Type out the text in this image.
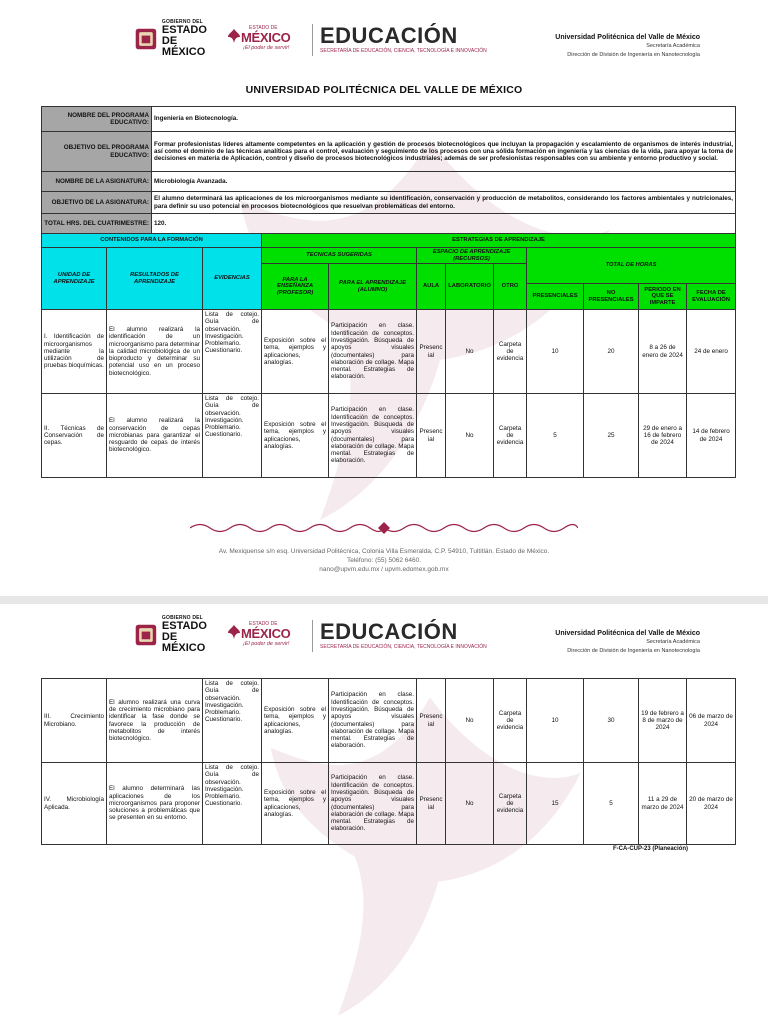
GOBIERNO DEL
ESTADO DE
MÉXICO
ESTADO DE
MÉXICO
¡El poder de servir! EDUCACIÓN
SECRETARÍA DE EDUCACIÓN, CIENCIA, TECNOLOGÍA E INNOVACIÓN
Universidad Politécnica del Valle de México
Secretaría Académica
Dirección de División de Ingeniería en Nanotecnología
UNIVERSIDAD POLITÉCNICA DEL VALLE DE MÉXICO
NOMBRE DEL PROGRAMA EDUCATIVO:	Ingeniería en Biotecnología.
OBJETIVO DEL PROGRAMA EDUCATIVO:	Formar profesionistas líderes altamente competentes en la aplicación y gestión de procesos biotecnológicos que incluyan la propagación y escalamiento de organismos de interés industrial, así como el dominio de las técnicas analíticas para el control, evaluación y seguimiento de los procesos con una sólida formación en ingeniería y las ciencias de la vida, para apoyar la toma de decisiones en materia de Aplicación, control y diseño de procesos biotecnológicos industriales; además de ser profesionistas responsables con su ambiente y entorno productivo y social.
NOMBRE DE LA ASIGNATURA:	Microbiología Avanzada.
OBJETIVO DE LA ASIGNATURA:	El alumno determinará las aplicaciones de los microorganismos mediante su identificación, conservación y producción de metabolitos, considerando los factores ambientales y nutricionales, para definir su uso potencial en procesos biotecnológicos que resuelvan problemáticas del entorno.
TOTAL HRS. DEL CUATRIMESTRE:	120.
CONTENIDOS PARA LA FORMACIÓN			ESTRATEGIAS DE APRENDIZAJE								
UNIDAD DE APRENDIZAJE	RESULTADOS DE APRENDIZAJE	EVIDENCIAS	TECNICAS SUGERIDAS		ESPACIO DE APRENDIZAJE (RECURSOS)			TOTAL DE HORAS			
			PARA LA ENSEÑANZA (PROFESOR)	PARA EL APRENDIZAJE (ALUMNO)	AULA	LABORATORIO	OTRO				
								PRESENCIALES	NO PRESENCIALES	PERIODO EN QUE SE IMPARTE	FECHA DE EVALUACIÓN
I. Identificación de microorganismos mediante la utilización de pruebas bioquímicas.	El alumno realizará la identificación de un microorganismo para determinar la calidad microbiológica de un bioproducto y determinar su potencial uso en un proceso biotecnológico.	Lista de cotejo. Guía de observación. Investigación. Problemario. Cuestionario.	Exposición sobre el tema, ejemplos y aplicaciones, analogías.	Participación en clase. Identificación de conceptos. Investigación. Búsqueda de apoyos visuales (documentales) para elaboración de collage. Mapa mental. Estrategias de elaboración.	Presencial	No	Carpeta de evidencia	10	20	8 a 26 de enero de 2024	24 de enero
II. Técnicas de Conservación de cepas.	El alumno realizará la conservación de cepas microbianas para garantizar el resguardo de cepas de interés biotecnológico.	Lista de cotejo. Guía de observación. Investigación. Problemario. Cuestionario.	Exposición sobre el tema, ejemplos y aplicaciones, analogías.	Participación en clase. Identificación de conceptos. Investigación. Búsqueda de apoyos visuales (documentales) para elaboración de collage. Mapa mental. Estrategias de elaboración.	Presencial	No	Carpeta de evidencia	5	25	29 de enero a 16 de febrero de 2024	14 de febrero de 2024
Av. Mexiquense s/n esq. Universidad Politécnica, Colonia Villa Esmeralda, C.P. 54910, Tultitlán. Estado de México.
Teléfono: (55) 5062 6460.
nano@upvm.edu.mx / upvm.edomex.gob.mx
GOBIERNO DEL
ESTADO DE
MÉXICO
ESTADO DE
MÉXICO
¡El poder de servir! EDUCACIÓN
SECRETARÍA DE EDUCACIÓN, CIENCIA, TECNOLOGÍA E INNOVACIÓN
Universidad Politécnica del Valle de México
Secretaría Académica
Dirección de División de Ingeniería en Nanotecnología
III. Crecimiento Microbiano.	El alumno realizará una curva de crecimiento microbiano para identificar la fase donde se favorece la producción de metabolitos de interés biotecnológico.	Lista de cotejo. Guía de observación. Investigación. Problemario. Cuestionario.	Exposición sobre el tema, ejemplos y aplicaciones, analogías.	Participación en clase. Identificación de conceptos. Investigación. Búsqueda de apoyos visuales (documentales) para elaboración de collage. Mapa mental. Estrategias de elaboración.	Presencial	No	Carpeta de evidencia	10	30	19 de febrero a 8 de marzo de 2024	06 de marzo de 2024
IV. Microbiología Aplicada.	El alumno determinará las aplicaciones de los microorganismos para proponer soluciones a problemáticas que se presenten en su entorno.	Lista de cotejo. Guía de observación. Investigación. Problemario. Cuestionario.	Exposición sobre el tema, ejemplos y aplicaciones, analogías.	Participación en clase. Identificación de conceptos. Investigación. Búsqueda de apoyos visuales (documentales) para elaboración de collage. Mapa mental. Estrategias de elaboración.	Presencial	No	Carpeta de evidencia	15	5	11 a 29 de marzo de 2024	20 de marzo de 2024
F-CA-CUP-23 (Planeación)
